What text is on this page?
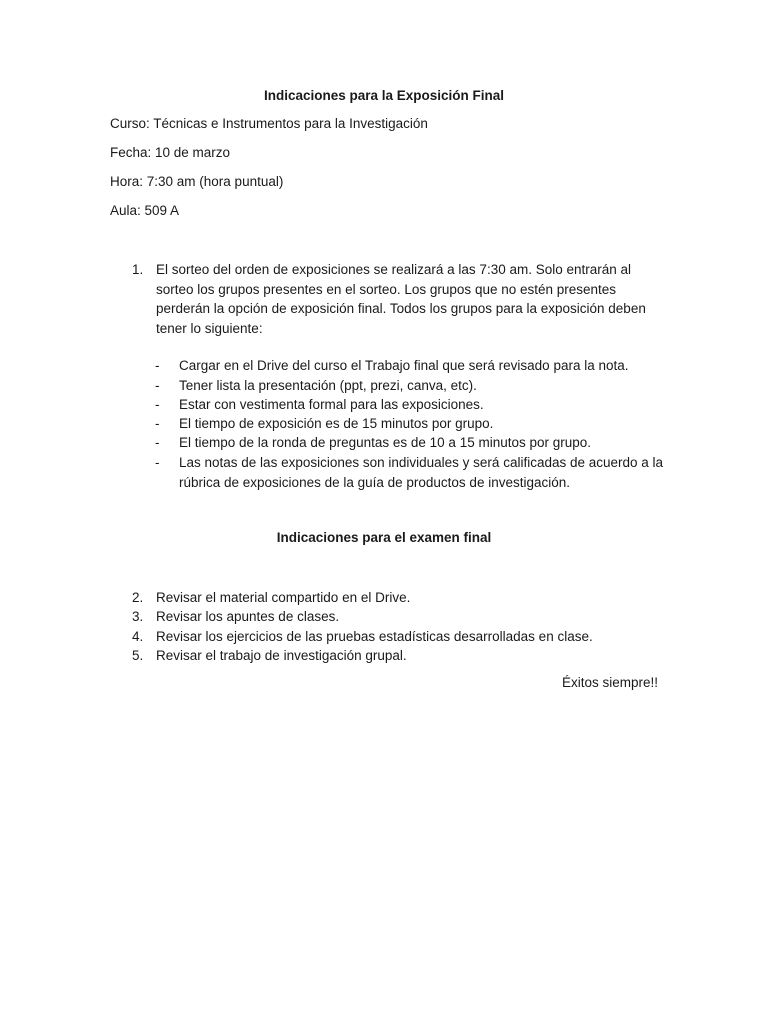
Indicaciones para la Exposición Final
Curso: Técnicas e Instrumentos para la Investigación
Fecha: 10 de marzo
Hora: 7:30 am (hora puntual)
Aula: 509 A
1. El sorteo del orden de exposiciones se realizará a las 7:30 am. Solo entrarán al sorteo los grupos presentes en el sorteo. Los grupos que no estén presentes perderán la opción de exposición final. Todos los grupos para la exposición deben tener lo siguiente:
- Cargar en el Drive del curso el Trabajo final que será revisado para la nota.
- Tener lista la presentación (ppt, prezi, canva, etc).
- Estar con vestimenta formal para las exposiciones.
- El tiempo de exposición es de 15 minutos por grupo.
- El tiempo de la ronda de preguntas es de 10 a 15 minutos por grupo.
- Las notas de las exposiciones son individuales y será calificadas de acuerdo a la rúbrica de exposiciones de la guía de productos de investigación.
Indicaciones para el examen final
2. Revisar el material compartido en el Drive.
3. Revisar los apuntes de clases.
4. Revisar los ejercicios de las pruebas estadísticas desarrolladas en clase.
5. Revisar el trabajo de investigación grupal.
Éxitos siempre!!
